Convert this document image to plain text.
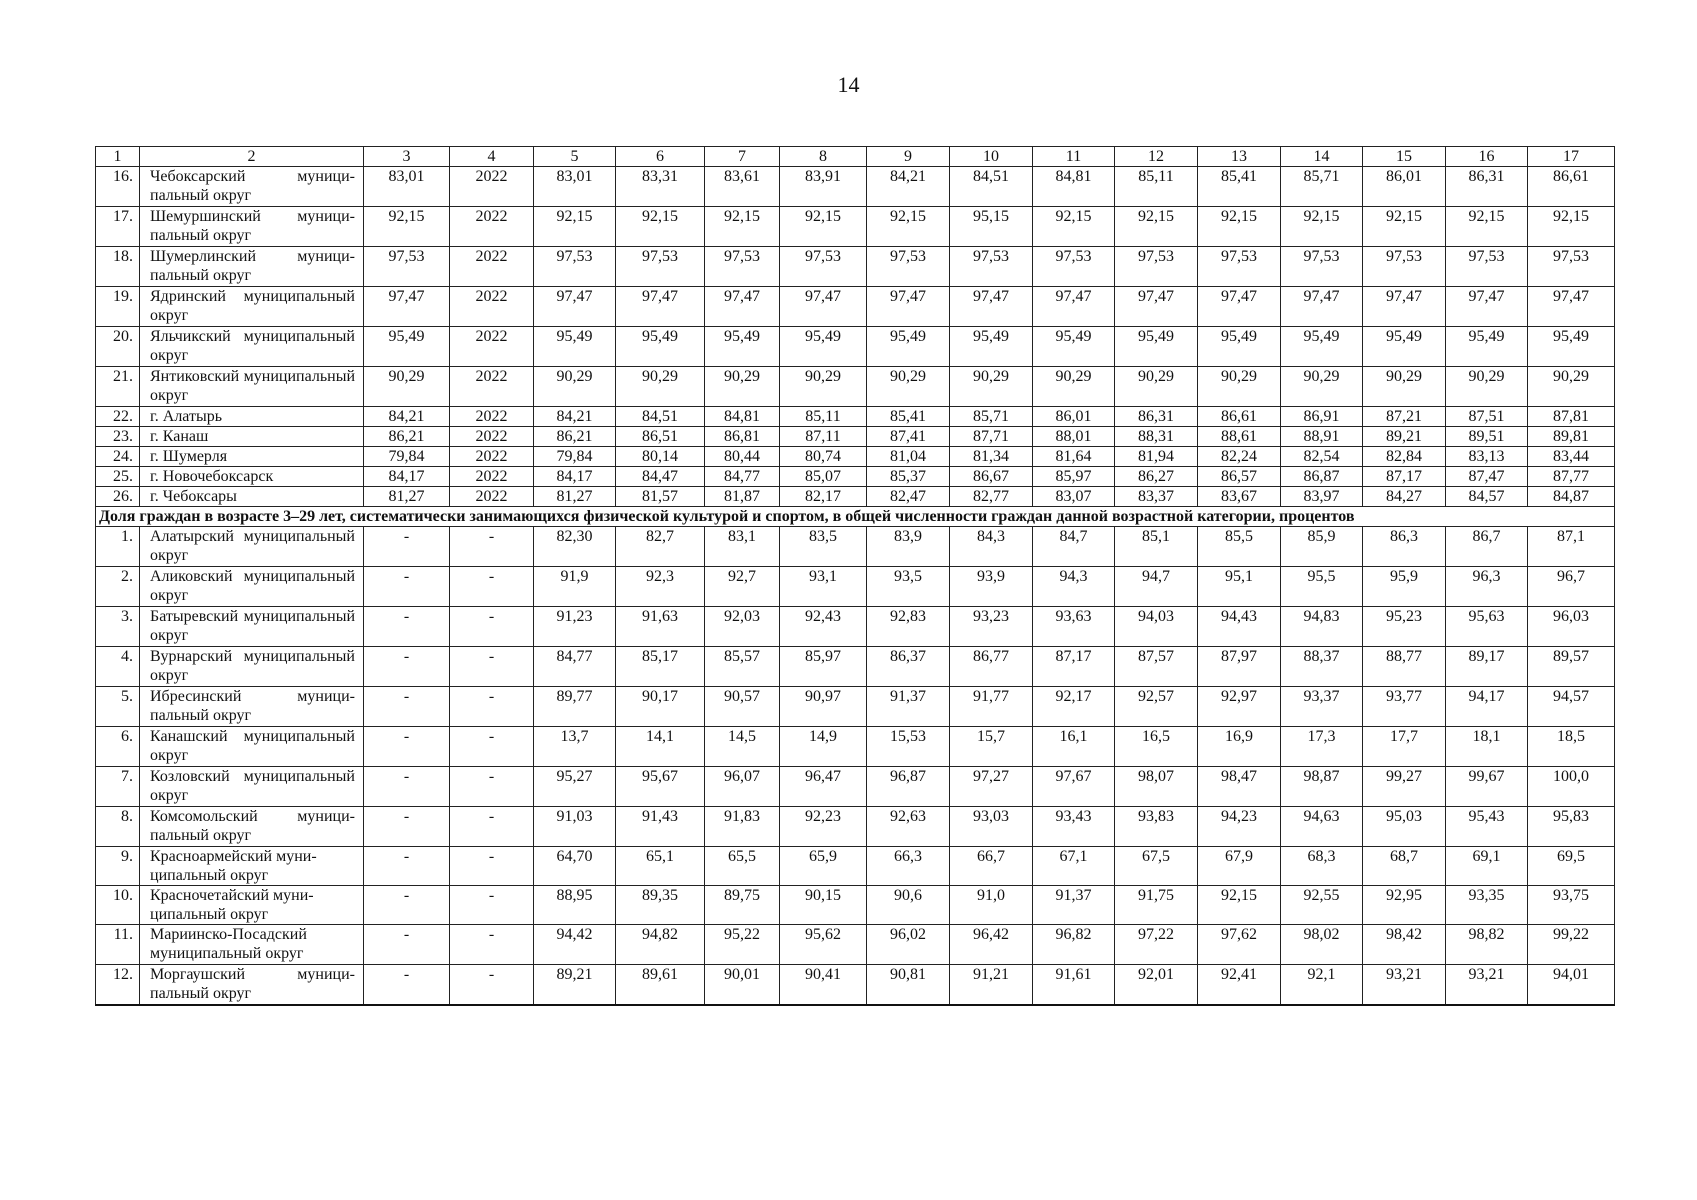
14
1	2	3	4	5	6	7	8	9	10	11	12	13	14	15	16	17
16.	Чебоксарский муниципальный округ	83,01	2022	83,01	83,31	83,61	83,91	84,21	84,51	84,81	85,11	85,41	85,71	86,01	86,31	86,61
17.	Шемуршинский муниципальный округ	92,15	2022	92,15	92,15	92,15	92,15	92,15	95,15	92,15	92,15	92,15	92,15	92,15	92,15	92,15
18.	Шумерлинский муниципальный округ	97,53	2022	97,53	97,53	97,53	97,53	97,53	97,53	97,53	97,53	97,53	97,53	97,53	97,53	97,53
19.	Ядринский муниципальный округ	97,47	2022	97,47	97,47	97,47	97,47	97,47	97,47	97,47	97,47	97,47	97,47	97,47	97,47	97,47
20.	Яльчикский муниципальный округ	95,49	2022	95,49	95,49	95,49	95,49	95,49	95,49	95,49	95,49	95,49	95,49	95,49	95,49	95,49
21.	Янтиковский муниципальный округ	90,29	2022	90,29	90,29	90,29	90,29	90,29	90,29	90,29	90,29	90,29	90,29	90,29	90,29	90,29
22.	г. Алатырь	84,21	2022	84,21	84,51	84,81	85,11	85,41	85,71	86,01	86,31	86,61	86,91	87,21	87,51	87,81
23.	г. Канаш	86,21	2022	86,21	86,51	86,81	87,11	87,41	87,71	88,01	88,31	88,61	88,91	89,21	89,51	89,81
24.	г. Шумерля	79,84	2022	79,84	80,14	80,44	80,74	81,04	81,34	81,64	81,94	82,24	82,54	82,84	83,13	83,44
25.	г. Новочебоксарск	84,17	2022	84,17	84,47	84,77	85,07	85,37	86,67	85,97	86,27	86,57	86,87	87,17	87,47	87,77
26.	г. Чебоксары	81,27	2022	81,27	81,57	81,87	82,17	82,47	82,77	83,07	83,37	83,67	83,97	84,27	84,57	84,87
Доля граждан в возрасте 3–29 лет, систематически занимающихся физической культурой и спортом, в общей численности граждан данной возрастной категории, процентов																
1.	Алатырский муниципальный округ	-	-	82,30	82,7	83,1	83,5	83,9	84,3	84,7	85,1	85,5	85,9	86,3	86,7	87,1
2.	Аликовский муниципальный округ	-	-	91,9	92,3	92,7	93,1	93,5	93,9	94,3	94,7	95,1	95,5	95,9	96,3	96,7
3.	Батыревский муниципальный округ	-	-	91,23	91,63	92,03	92,43	92,83	93,23	93,63	94,03	94,43	94,83	95,23	95,63	96,03
4.	Вурнарский муниципальный округ	-	-	84,77	85,17	85,57	85,97	86,37	86,77	87,17	87,57	87,97	88,37	88,77	89,17	89,57
5.	Ибресинский муниципальный округ	-	-	89,77	90,17	90,57	90,97	91,37	91,77	92,17	92,57	92,97	93,37	93,77	94,17	94,57
6.	Канашский муниципальный округ	-	-	13,7	14,1	14,5	14,9	15,53	15,7	16,1	16,5	16,9	17,3	17,7	18,1	18,5
7.	Козловский муниципальный округ	-	-	95,27	95,67	96,07	96,47	96,87	97,27	97,67	98,07	98,47	98,87	99,27	99,67	100,0
8.	Комсомольский муниципальный округ	-	-	91,03	91,43	91,83	92,23	92,63	93,03	93,43	93,83	94,23	94,63	95,03	95,43	95,83
9.	Красноармейский муниципальный округ	-	-	64,70	65,1	65,5	65,9	66,3	66,7	67,1	67,5	67,9	68,3	68,7	69,1	69,5
10.	Красночетайский муниципальный округ	-	-	88,95	89,35	89,75	90,15	90,6	91,0	91,37	91,75	92,15	92,55	92,95	93,35	93,75
11.	Мариинско-Посадский муниципальный округ	-	-	94,42	94,82	95,22	95,62	96,02	96,42	96,82	97,22	97,62	98,02	98,42	98,82	99,22
12.	Моргаушский муниципальный округ	-	-	89,21	89,61	90,01	90,41	90,81	91,21	91,61	92,01	92,41	92,1	93,21	93,21	94,01
